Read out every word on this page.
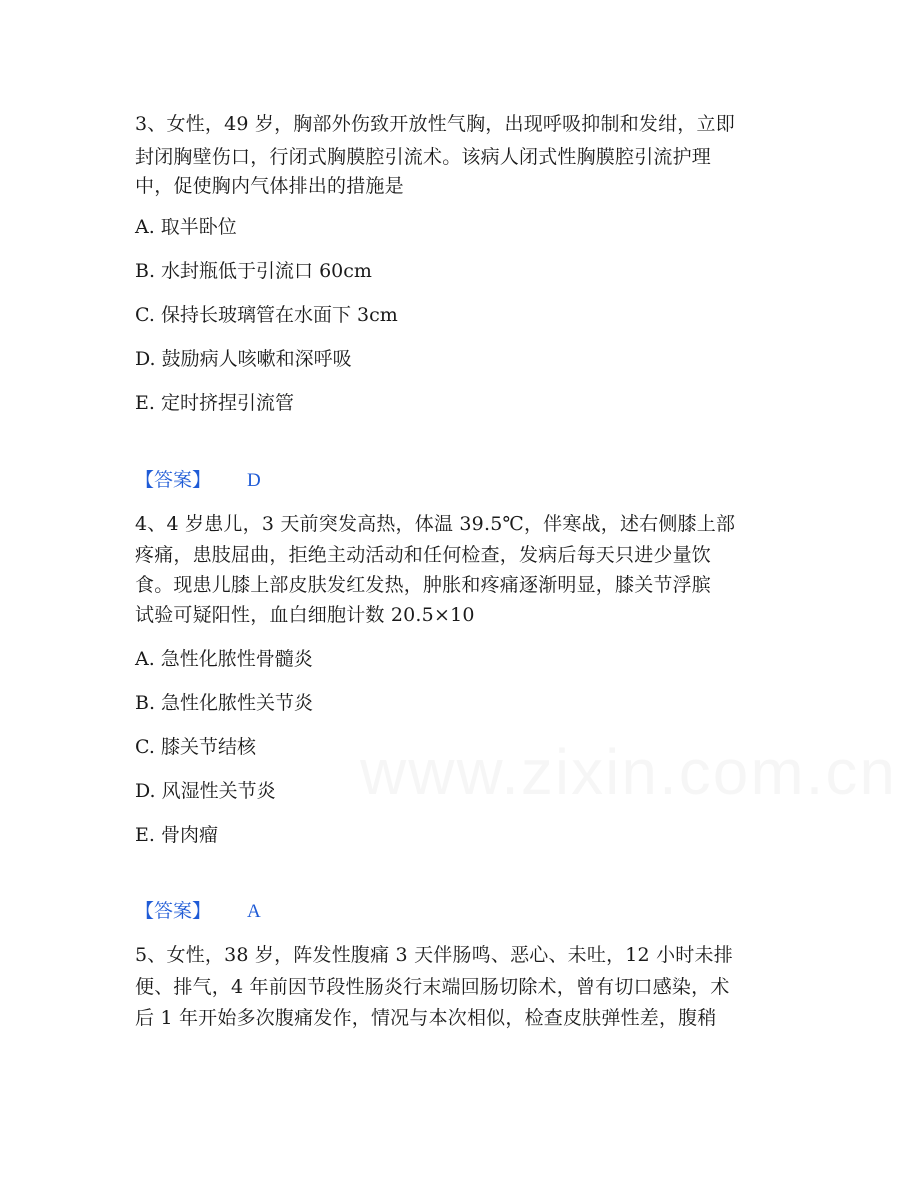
3、女性，49 岁，胸部外伤致开放性气胸，出现呼吸抑制和发绀，立即
封闭胸壁伤口，行闭式胸膜腔引流术。该病人闭式性胸膜腔引流护理
中，促使胸内气体排出的措施是
A. 取半卧位
B. 水封瓶低于引流口 60cm
C. 保持长玻璃管在水面下 3cm
D. 鼓励病人咳嗽和深呼吸
E. 定时挤捏引流管
【答案】 D
4、4 岁患儿，3 天前突发高热，体温 39.5℃，伴寒战，述右侧膝上部
疼痛，患肢屈曲，拒绝主动活动和任何检查，发病后每天只进少量饮
食。现患儿膝上部皮肤发红发热，肿胀和疼痛逐渐明显，膝关节浮膑
试验可疑阳性，血白细胞计数 20.5×10
A. 急性化脓性骨髓炎
B. 急性化脓性关节炎
C. 膝关节结核
D. 风湿性关节炎
E. 骨肉瘤
【答案】 A
5、女性，38 岁，阵发性腹痛 3 天伴肠鸣、恶心、未吐，12 小时未排
便、排气，4 年前因节段性肠炎行末端回肠切除术，曾有切口感染，术
后 1 年开始多次腹痛发作，情况与本次相似，检查皮肤弹性差，腹稍
